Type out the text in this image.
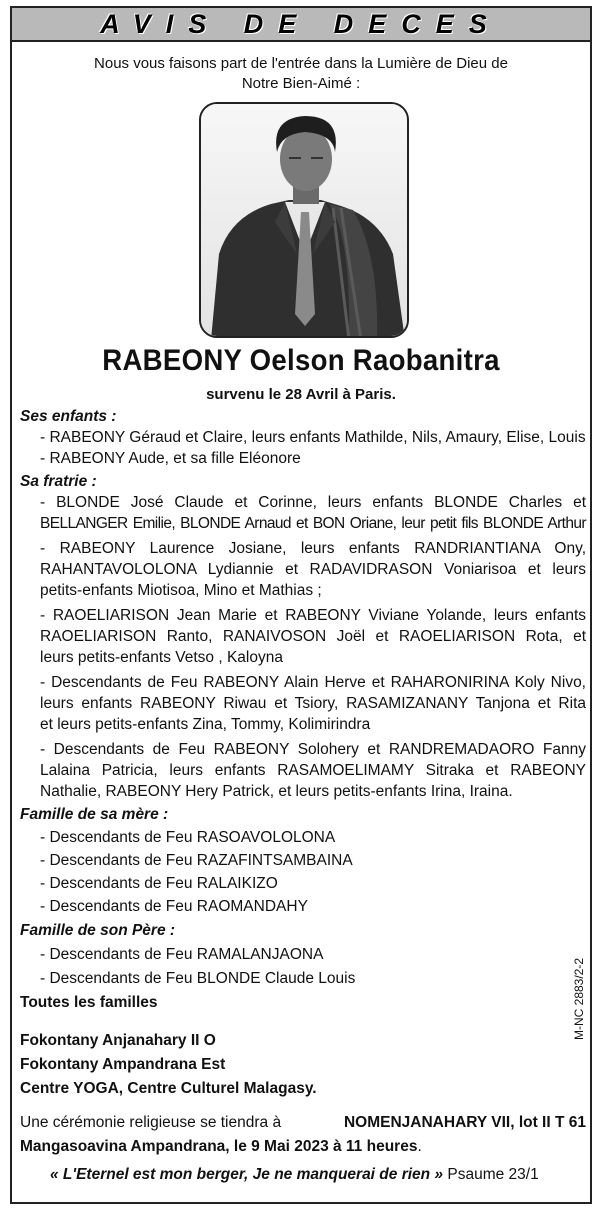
AVIS DE DECES
Nous vous faisons part de l'entrée dans la Lumière de Dieu de
Notre Bien-Aimé :
RABEONY Oelson Raobanitra
survenu le 28 Avril à Paris.
Ses enfants :
- RABEONY Géraud et Claire, leurs enfants Mathilde, Nils, Amaury, Elise, Louis
- RABEONY Aude, et sa fille Eléonore
Sa fratrie :
- BLONDE José Claude et Corinne, leurs enfants BLONDE Charles et
BELLANGER Emilie, BLONDE Arnaud et BON Oriane, leur petit fils BLONDE Arthur
- RABEONY Laurence Josiane, leurs enfants RANDRIANTIANA Ony,
RAHANTAVOLOLONA Lydiannie et RADAVIDRASON Voniarisoa et leurs
petits-enfants Miotisoa, Mino et Mathias ;
- RAOELIARISON Jean Marie et RABEONY Viviane Yolande, leurs enfants
RAOELIARISON Ranto, RANAIVOSON Joël et RAOELIARISON Rota, et
leurs petits-enfants Vetso , Kaloyna
- Descendants de Feu RABEONY Alain Herve et RAHARONIRINA Koly Nivo,
leurs enfants RABEONY Riwau et Tsiory, RASAMIZANANY Tanjona et Rita
et leurs petits-enfants Zina, Tommy, Kolimirindra
- Descendants de Feu RABEONY Solohery et RANDREMADAORO Fanny
Lalaina Patricia, leurs enfants RASAMOELIMAMY Sitraka et RABEONY
Nathalie, RABEONY Hery Patrick, et leurs petits-enfants Irina, Iraina.
Famille de sa mère :
- Descendants de Feu RASOAVOLOLONA
- Descendants de Feu RAZAFINTSAMBAINA
- Descendants de Feu RALAIKIZO
- Descendants de Feu RAOMANDAHY
Famille de son Père :
- Descendants de Feu RAMALANJAONA
- Descendants de Feu BLONDE Claude Louis
Toutes les familles
Fokontany Anjanahary II O
Fokontany Ampandrana Est
Centre YOGA, Centre Culturel Malagasy.
Une cérémonie religieuse se tiendra à	NOMENJANAHARY VII, lot II T 61
Mangasoavina Ampandrana, le 9 Mai 2023 à 11 heures.
« L'Eternel est mon berger, Je ne manquerai de rien » Psaume 23/1
M-NC 2883/2-2
